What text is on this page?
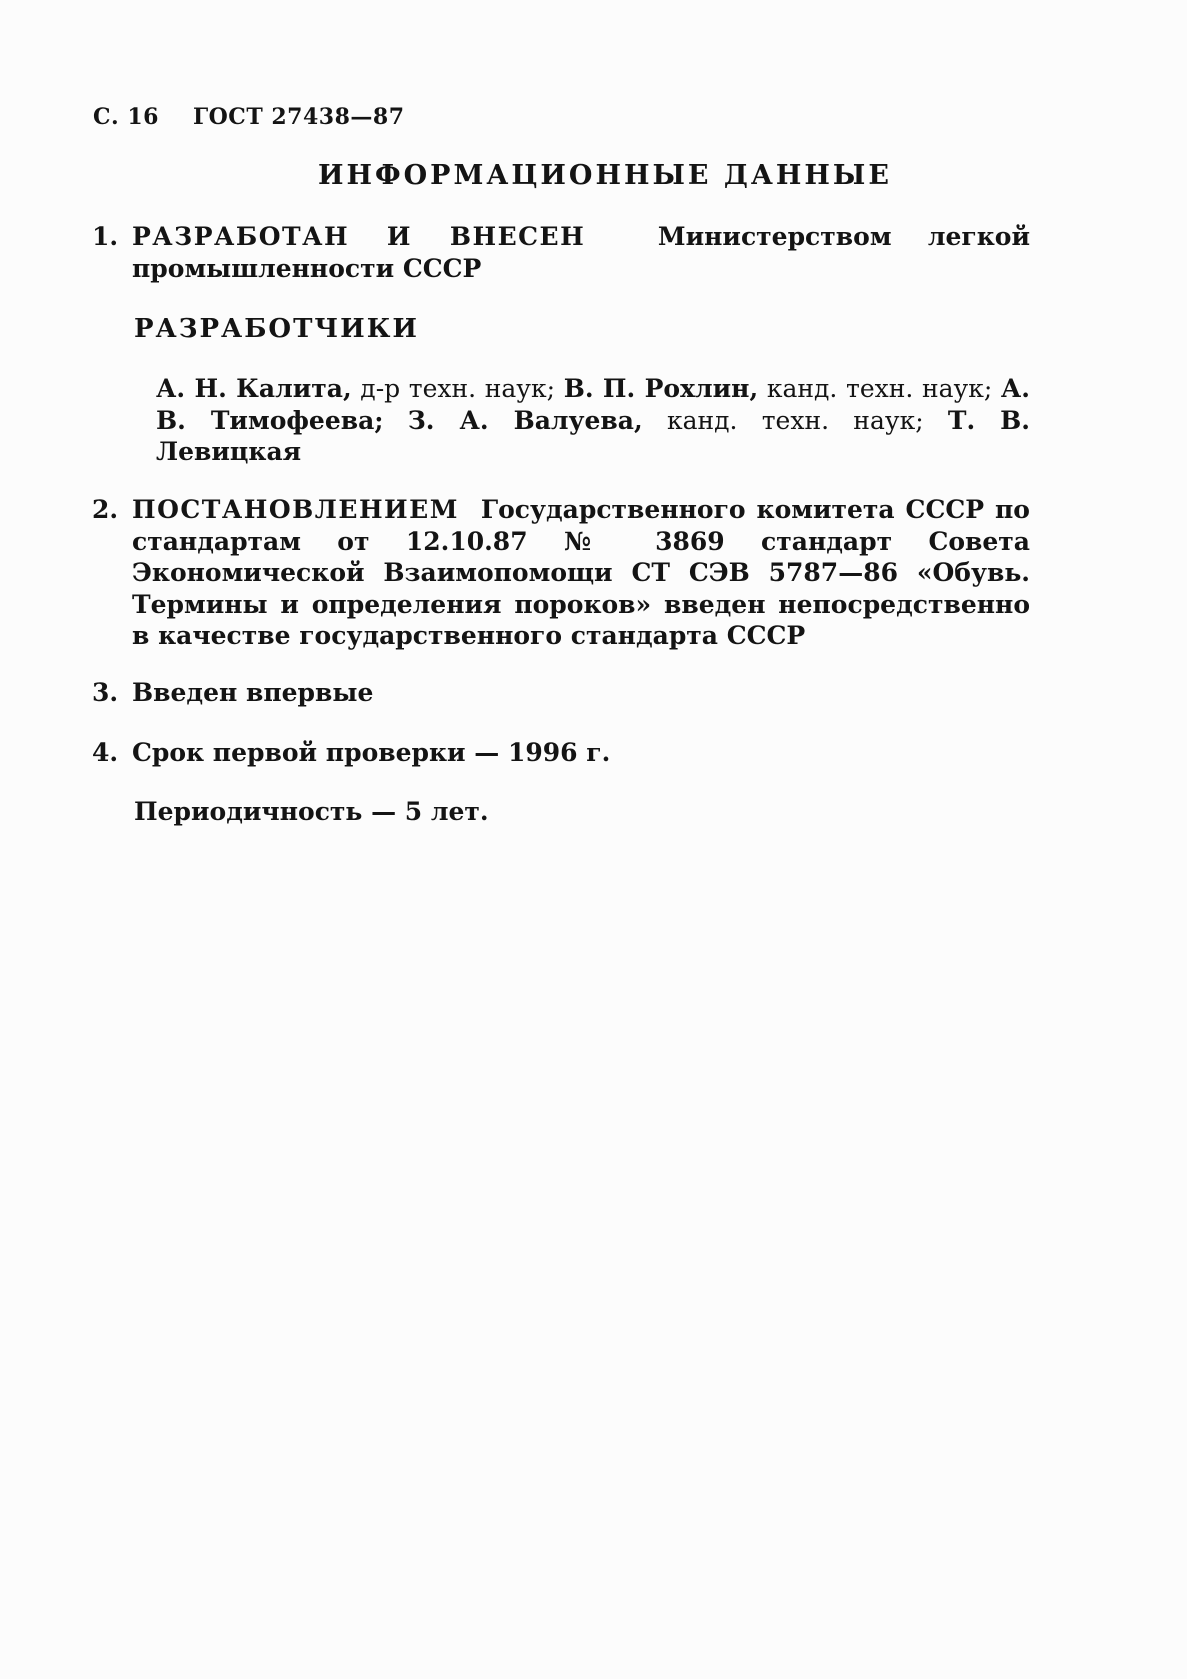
С. 16 ГОСТ 27438—87
ИНФОРМАЦИОННЫЕ ДАННЫЕ
1. РАЗРАБОТАН И ВНЕСЕН	Министерством легкой промышленности СССР
РАЗРАБОТЧИКИ
А. Н. Калита, д-р техн. наук; В. П. Рохлин, канд. техн. наук; А. В. Тимофеева; З. А. Валуева, канд. техн. наук; Т. В. Левицкая
2. ПОСТАНОВЛЕНИЕМ Государственного комитета СССР по стандартам от 12.10.87 № 3869 стандарт Совета Экономической Взаимопомощи СТ СЭВ 5787—86 «Обувь. Термины и определения пороков» введен непосредственно в качестве государственного стандарта СССР
3. Введен впервые
4. Срок первой проверки — 1996 г.
Периодичность — 5 лет.
